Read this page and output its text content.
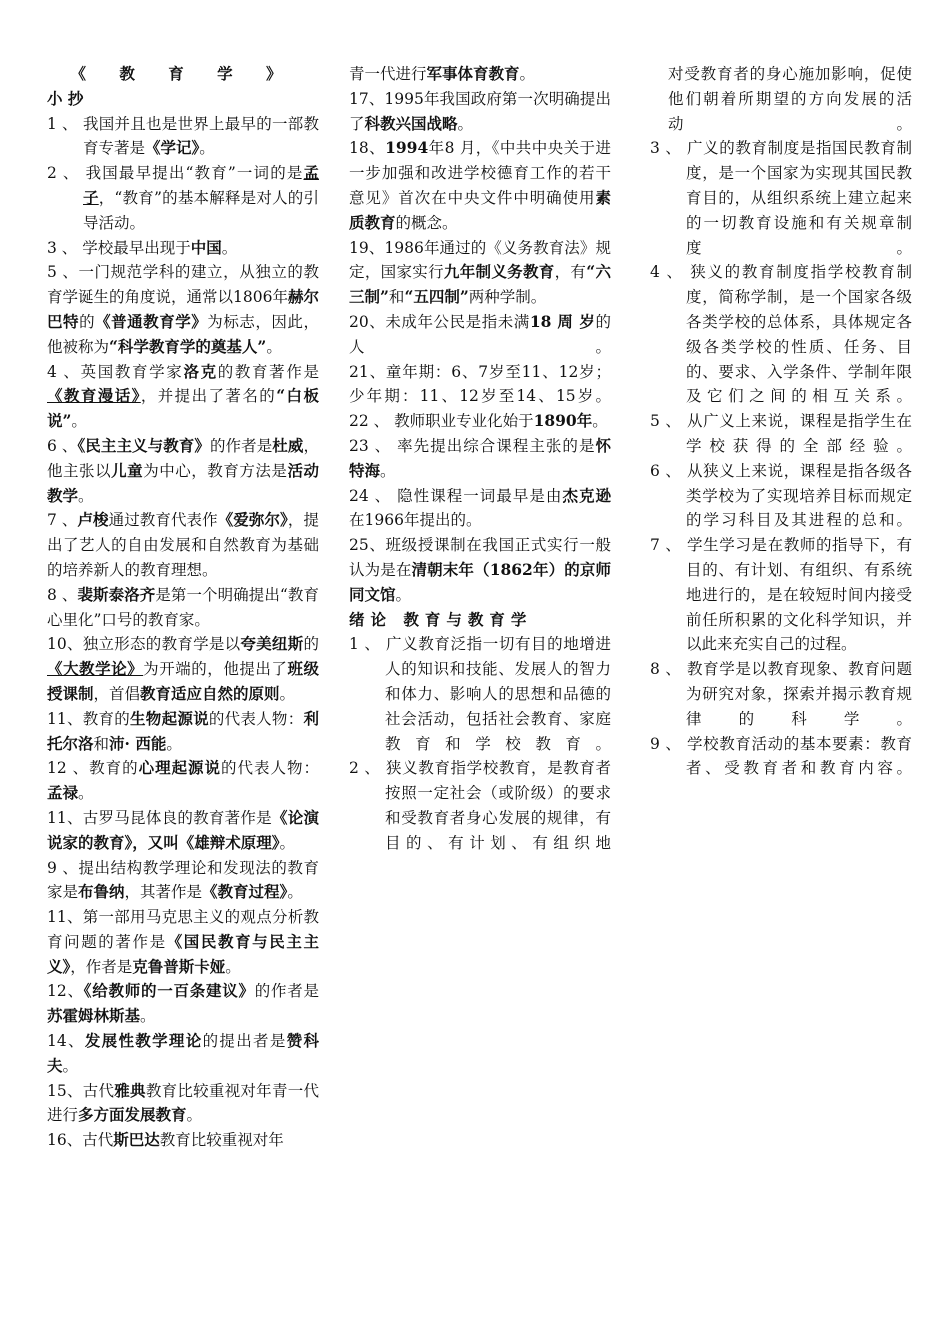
《 教 育 学 》

小 抄

1 、 我国并且也是世界上最早的一部教育专著是《学记》。

2 、 我国最早提出“教育”一词的是孟子，“教育”的基本解释是对人的引导活动。

3 、 学校最早出现于中国。

5 、一门规范学科的建立，从独立的教育学诞生的角度说，通常以1806年赫尔巴特的《普通教育学》为标志，因此，他被称为“科学教育学的奠基人”。

4 、英国教育学家洛克的教育著作是《教育漫话》，并提出了著名的“白板说”。

6 、《民主主义与教育》的作者是杜威，他主张以儿童为中心，教育方法是活动教学。

7 、卢梭通过教育代表作《爱弥尔》，提出了艺人的自由发展和自然教育为基础的培养新人的教育理想。

8 、裴斯泰洛齐是第一个明确提出“教育心里化”口号的教育家。

10、独立形态的教育学是以夸美纽斯的《大教学论》为开端的，他提出了班级授课制，首倡教育适应自然的原则。

11、教育的生物起源说的代表人物：利托尔洛和沛· 西能。

12 、教育的心理起源说的代表人物：孟禄。

11、古罗马昆体良的教育著作是《论演说家的教育》，又叫《雄辩术原理》。

9 、提出结构教学理论和发现法的教育家是布鲁纳，其著作是《教育过程》。

11、第一部用马克思主义的观点分析教育问题的著作是《国民教育与民主主义》，作者是克鲁普斯卡娅。

12、《给教师的一百条建议》的作者是苏霍姆林斯基。

14、发展性教学理论的提出者是赞科夫。

15、古代雅典教育比较重视对年青一代进行多方面发展教育。

16、古代斯巴达教育比较重视对年

青一代进行军事体育教育。

17、1995年我国政府第一次明确提出了科教兴国战略。

18、1994年8 月，《中共中央关于进一步加强和改进学校德育工作的若干意见》首次在中央文件中明确使用素质教育的概念。

19、1986年通过的《义务教育法》规定，国家实行九年制义务教育，有“六三制”和“五四制”两种学制。

20、未成年公民是指未满18 周 岁的人 。

21、童年期：6、7岁至11、12岁；少年期：11、12岁至14、15岁。

22 、 教师职业专业化始于1890年。

23 、 率先提出综合课程主张的是怀特海。

24 、 隐性课程一词最早是由杰克逊在1966年提出的。

25、班级授课制在我国正式实行一般认为是在清朝末年（1862年）的京师同文馆。

绪论 教育与教育学

1 、 广义教育泛指一切有目的地增进人的知识和技能、发展人的智力和体力、影响人的思想和品德的社会活动，包括社会教育、家庭教育和学校教育。

2 、 狭义教育指学校教育，是教育者按照一定社会（或阶级）的要求和受教育者身心发展的规律，有目的、有计划、有组织地

对受教育者的身心施加影响，促使他们朝着所期望的方向发展的活动。

3 、 广义的教育制度是指国民教育制度，是一个国家为实现其国民教育目的，从组织系统上建立起来的一切教育设施和有关规章制度。

4 、 狭义的教育制度指学校教育制度，简称学制，是一个国家各级各类学校的总体系，具体规定各级各类学校的性质、任务、目的、要求、入学条件、学制年限及它们之间的相互关系。

5 、 从广义上来说，课程是指学生在学校获得的全部经验。

6 、 从狭义上来说，课程是指各级各类学校为了实现培养目标而规定的学习科目及其进程的总和。

7 、 学生学习是在教师的指导下，有目的、有计划、有组织、有系统地进行的，是在较短时间内接受前任所积累的文化科学知识，并以此来充实自己的过程。

8 、 教育学是以教育现象、教育问题为研究对象，探索并揭示教育规律的科学。

9 、 学校教育活动的基本要素：教育者、受教育者和教育内容。
